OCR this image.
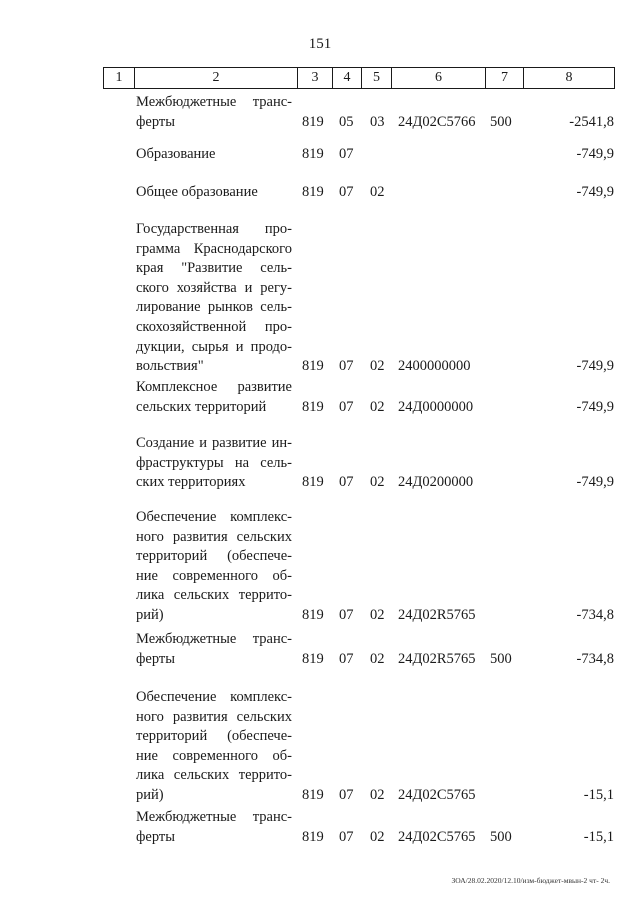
151
1	2	3	4	5	6	7	8
Межбюджетные транс-
ферты	819 05 03 24Д02С5766 500	-2541,8
Образование	819 07	-749,9
Общее образование	819 07 02	-749,9
Государственная про-
грамма Краснодарского
края "Развитие сель-
ского хозяйства и регу-
лирование рынков сель-
скохозяйственной про-
дукции, сырья и продо-
вольствия"	819 07 02 2400000000	-749,9
Комплексное развитие
сельских территорий	819 07 02 24Д0000000	-749,9
Создание и развитие ин-
фраструктуры на сель-
ских территориях	819 07 02 24Д0200000	-749,9
Обеспечение комплекс-
ного развития сельских
территорий (обеспече-
ние современного об-
лика сельских террито-
рий)	819 07 02 24Д02R5765	-734,8
Межбюджетные транс-
ферты	819 07 02 24Д02R5765 500	-734,8
Обеспечение комплекс-
ного развития сельских
территорий (обеспече-
ние современного об-
лика сельских террито-
рий)	819 07 02 24Д02С5765	-15,1
Межбюджетные транс-
ферты	819 07 02 24Д02С5765 500	-15,1
ЗОА/28.02.2020/12.10/изм-бюджет-мвын-2 чт- 2ч.
